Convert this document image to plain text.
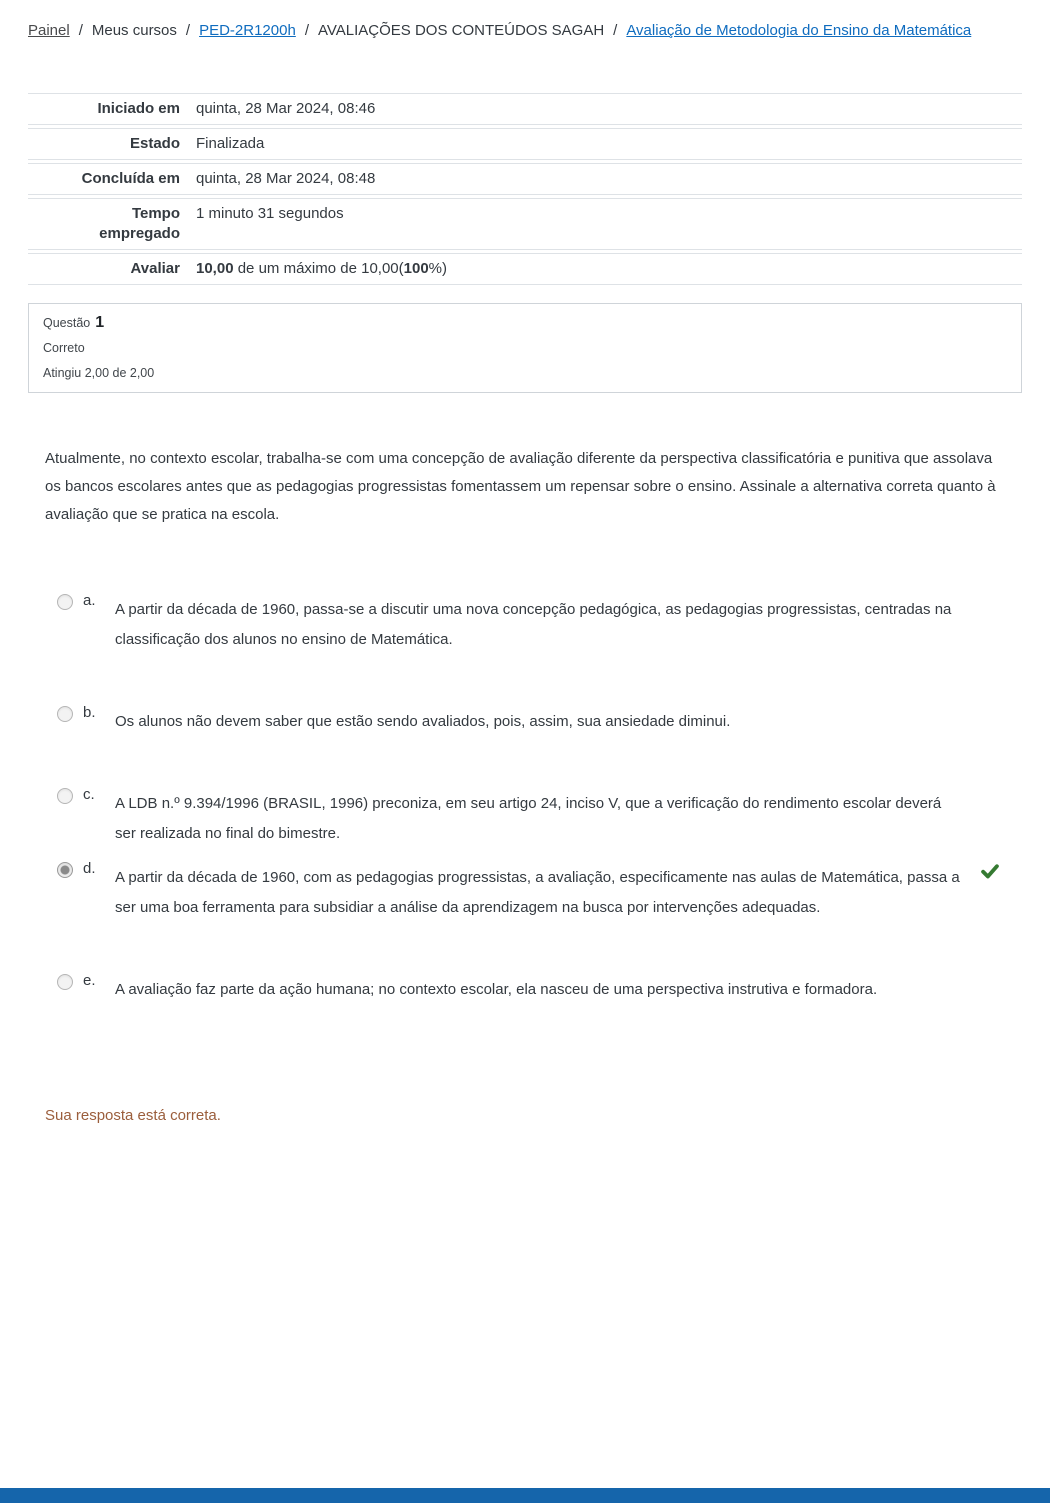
Painel / Meus cursos / PED-2R1200h / AVALIAÇÕES DOS CONTEÚDOS SAGAH / Avaliação de Metodologia do Ensino da Matemática
Iniciado em	quinta, 28 Mar 2024, 08:46
Estado	Finalizada
Concluída em	quinta, 28 Mar 2024, 08:48
Tempo empregado
1 minuto 31 segundos
Avaliar	10,00 de um máximo de 10,00(100%)
Questão 1
Correto
Atingiu 2,00 de 2,00
Atualmente, no contexto escolar, trabalha-se com uma concepção de avaliação diferente da perspectiva classificatória e punitiva que assolava os bancos escolares antes que as pedagogias progressistas fomentassem um repensar sobre o ensino. Assinale a alternativa correta quanto à avaliação que se pratica na escola.
a.
A partir da década de 1960, passa-se a discutir uma nova concepção pedagógica, as pedagogias progressistas, centradas na classificação dos alunos no ensino de Matemática.
b.
Os alunos não devem saber que estão sendo avaliados, pois, assim, sua ansiedade diminui.
c.
A LDB n.º 9.394/1996 (BRASIL, 1996) preconiza, em seu artigo 24, inciso V, que a verificação do rendimento escolar deverá ser realizada no final do bimestre.
d.
A partir da década de 1960, com as pedagogias progressistas, a avaliação, especificamente nas aulas de Matemática, passa a ser uma boa ferramenta para subsidiar a análise da aprendizagem na busca por intervenções adequadas.
e.
A avaliação faz parte da ação humana; no contexto escolar, ela nasceu de uma perspectiva instrutiva e formadora.
Sua resposta está correta.
